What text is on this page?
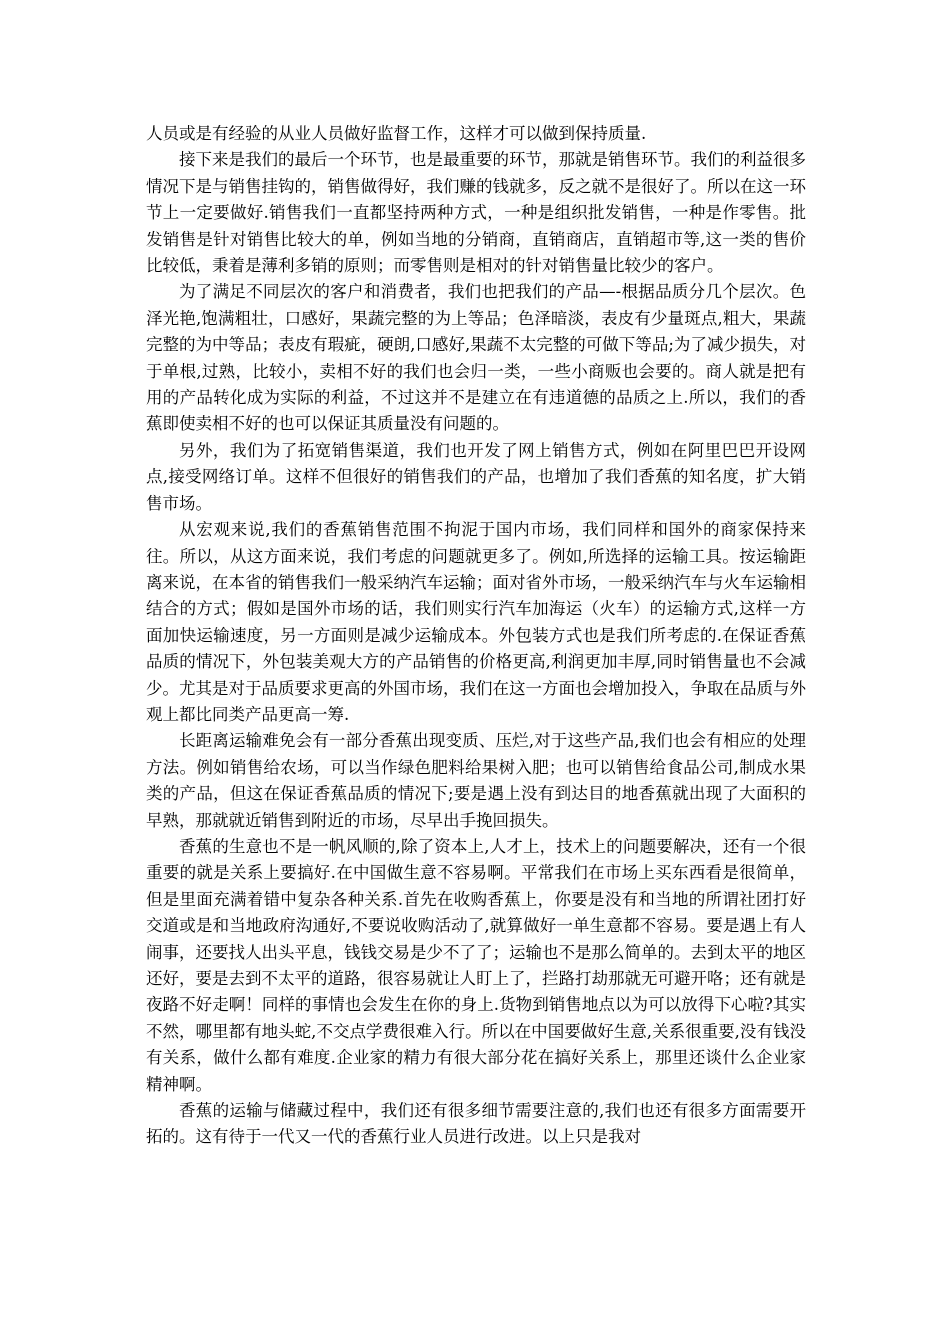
人员或是有经验的从业人员做好监督工作，这样才可以做到保持质量.

接下来是我们的最后一个环节，也是最重要的环节，那就是销售环节。我们的利益很多情况下是与销售挂钩的，销售做得好，我们赚的钱就多，反之就不是很好了。所以在这一环节上一定要做好.销售我们一直都坚持两种方式，一种是组织批发销售，一种是作零售。批发销售是针对销售比较大的单，例如当地的分销商，直销商店，直销超市等,这一类的售价比较低，秉着是薄利多销的原则；而零售则是相对的针对销售量比较少的客户。

为了满足不同层次的客户和消费者，我们也把我们的产品—-根据品质分几个层次。色泽光艳,饱满粗壮，口感好，果蔬完整的为上等品；色泽暗淡，表皮有少量斑点,粗大，果蔬完整的为中等品；表皮有瑕疵，硬朗,口感好,果蔬不太完整的可做下等品;为了减少损失，对于单根,过熟，比较小，卖相不好的我们也会归一类，一些小商贩也会要的。商人就是把有用的产品转化成为实际的利益，不过这并不是建立在有违道德的品质之上.所以，我们的香蕉即使卖相不好的也可以保证其质量没有问题的。

另外，我们为了拓宽销售渠道，我们也开发了网上销售方式，例如在阿里巴巴开设网点,接受网络订单。这样不但很好的销售我们的产品，也增加了我们香蕉的知名度，扩大销售市场。

从宏观来说,我们的香蕉销售范围不拘泥于国内市场，我们同样和国外的商家保持来往。所以，从这方面来说，我们考虑的问题就更多了。例如,所选择的运输工具。按运输距离来说，在本省的销售我们一般采纳汽车运输；面对省外市场，一般采纳汽车与火车运输相结合的方式；假如是国外市场的话，我们则实行汽车加海运（火车）的运输方式,这样一方面加快运输速度，另一方面则是减少运输成本。外包装方式也是我们所考虑的.在保证香蕉品质的情况下，外包装美观大方的产品销售的价格更高,利润更加丰厚,同时销售量也不会减少。尤其是对于品质要求更高的外国市场，我们在这一方面也会增加投入，争取在品质与外观上都比同类产品更高一筹.

长距离运输难免会有一部分香蕉出现变质、压烂,对于这些产品,我们也会有相应的处理方法。例如销售给农场，可以当作绿色肥料给果树入肥；也可以销售给食品公司,制成水果类的产品，但这在保证香蕉品质的情况下;要是遇上没有到达目的地香蕉就出现了大面积的早熟，那就就近销售到附近的市场，尽早出手挽回损失。

香蕉的生意也不是一帆风顺的,除了资本上,人才上，技术上的问题要解决，还有一个很重要的就是关系上要搞好.在中国做生意不容易啊。平常我们在市场上买东西看是很简单，但是里面充满着错中复杂各种关系.首先在收购香蕉上，你要是没有和当地的所谓社团打好交道或是和当地政府沟通好,不要说收购活动了,就算做好一单生意都不容易。要是遇上有人闹事，还要找人出头平息，钱钱交易是少不了了；运输也不是那么简单的。去到太平的地区还好，要是去到不太平的道路，很容易就让人盯上了，拦路打劫那就无可避开咯；还有就是夜路不好走啊！同样的事情也会发生在你的身上.货物到销售地点以为可以放得下心啦?其实不然，哪里都有地头蛇,不交点学费很难入行。所以在中国要做好生意,关系很重要,没有钱没有关系，做什么都有难度.企业家的精力有很大部分花在搞好关系上，那里还谈什么企业家精神啊。

香蕉的运输与储藏过程中，我们还有很多细节需要注意的,我们也还有很多方面需要开拓的。这有待于一代又一代的香蕉行业人员进行改进。以上只是我对
